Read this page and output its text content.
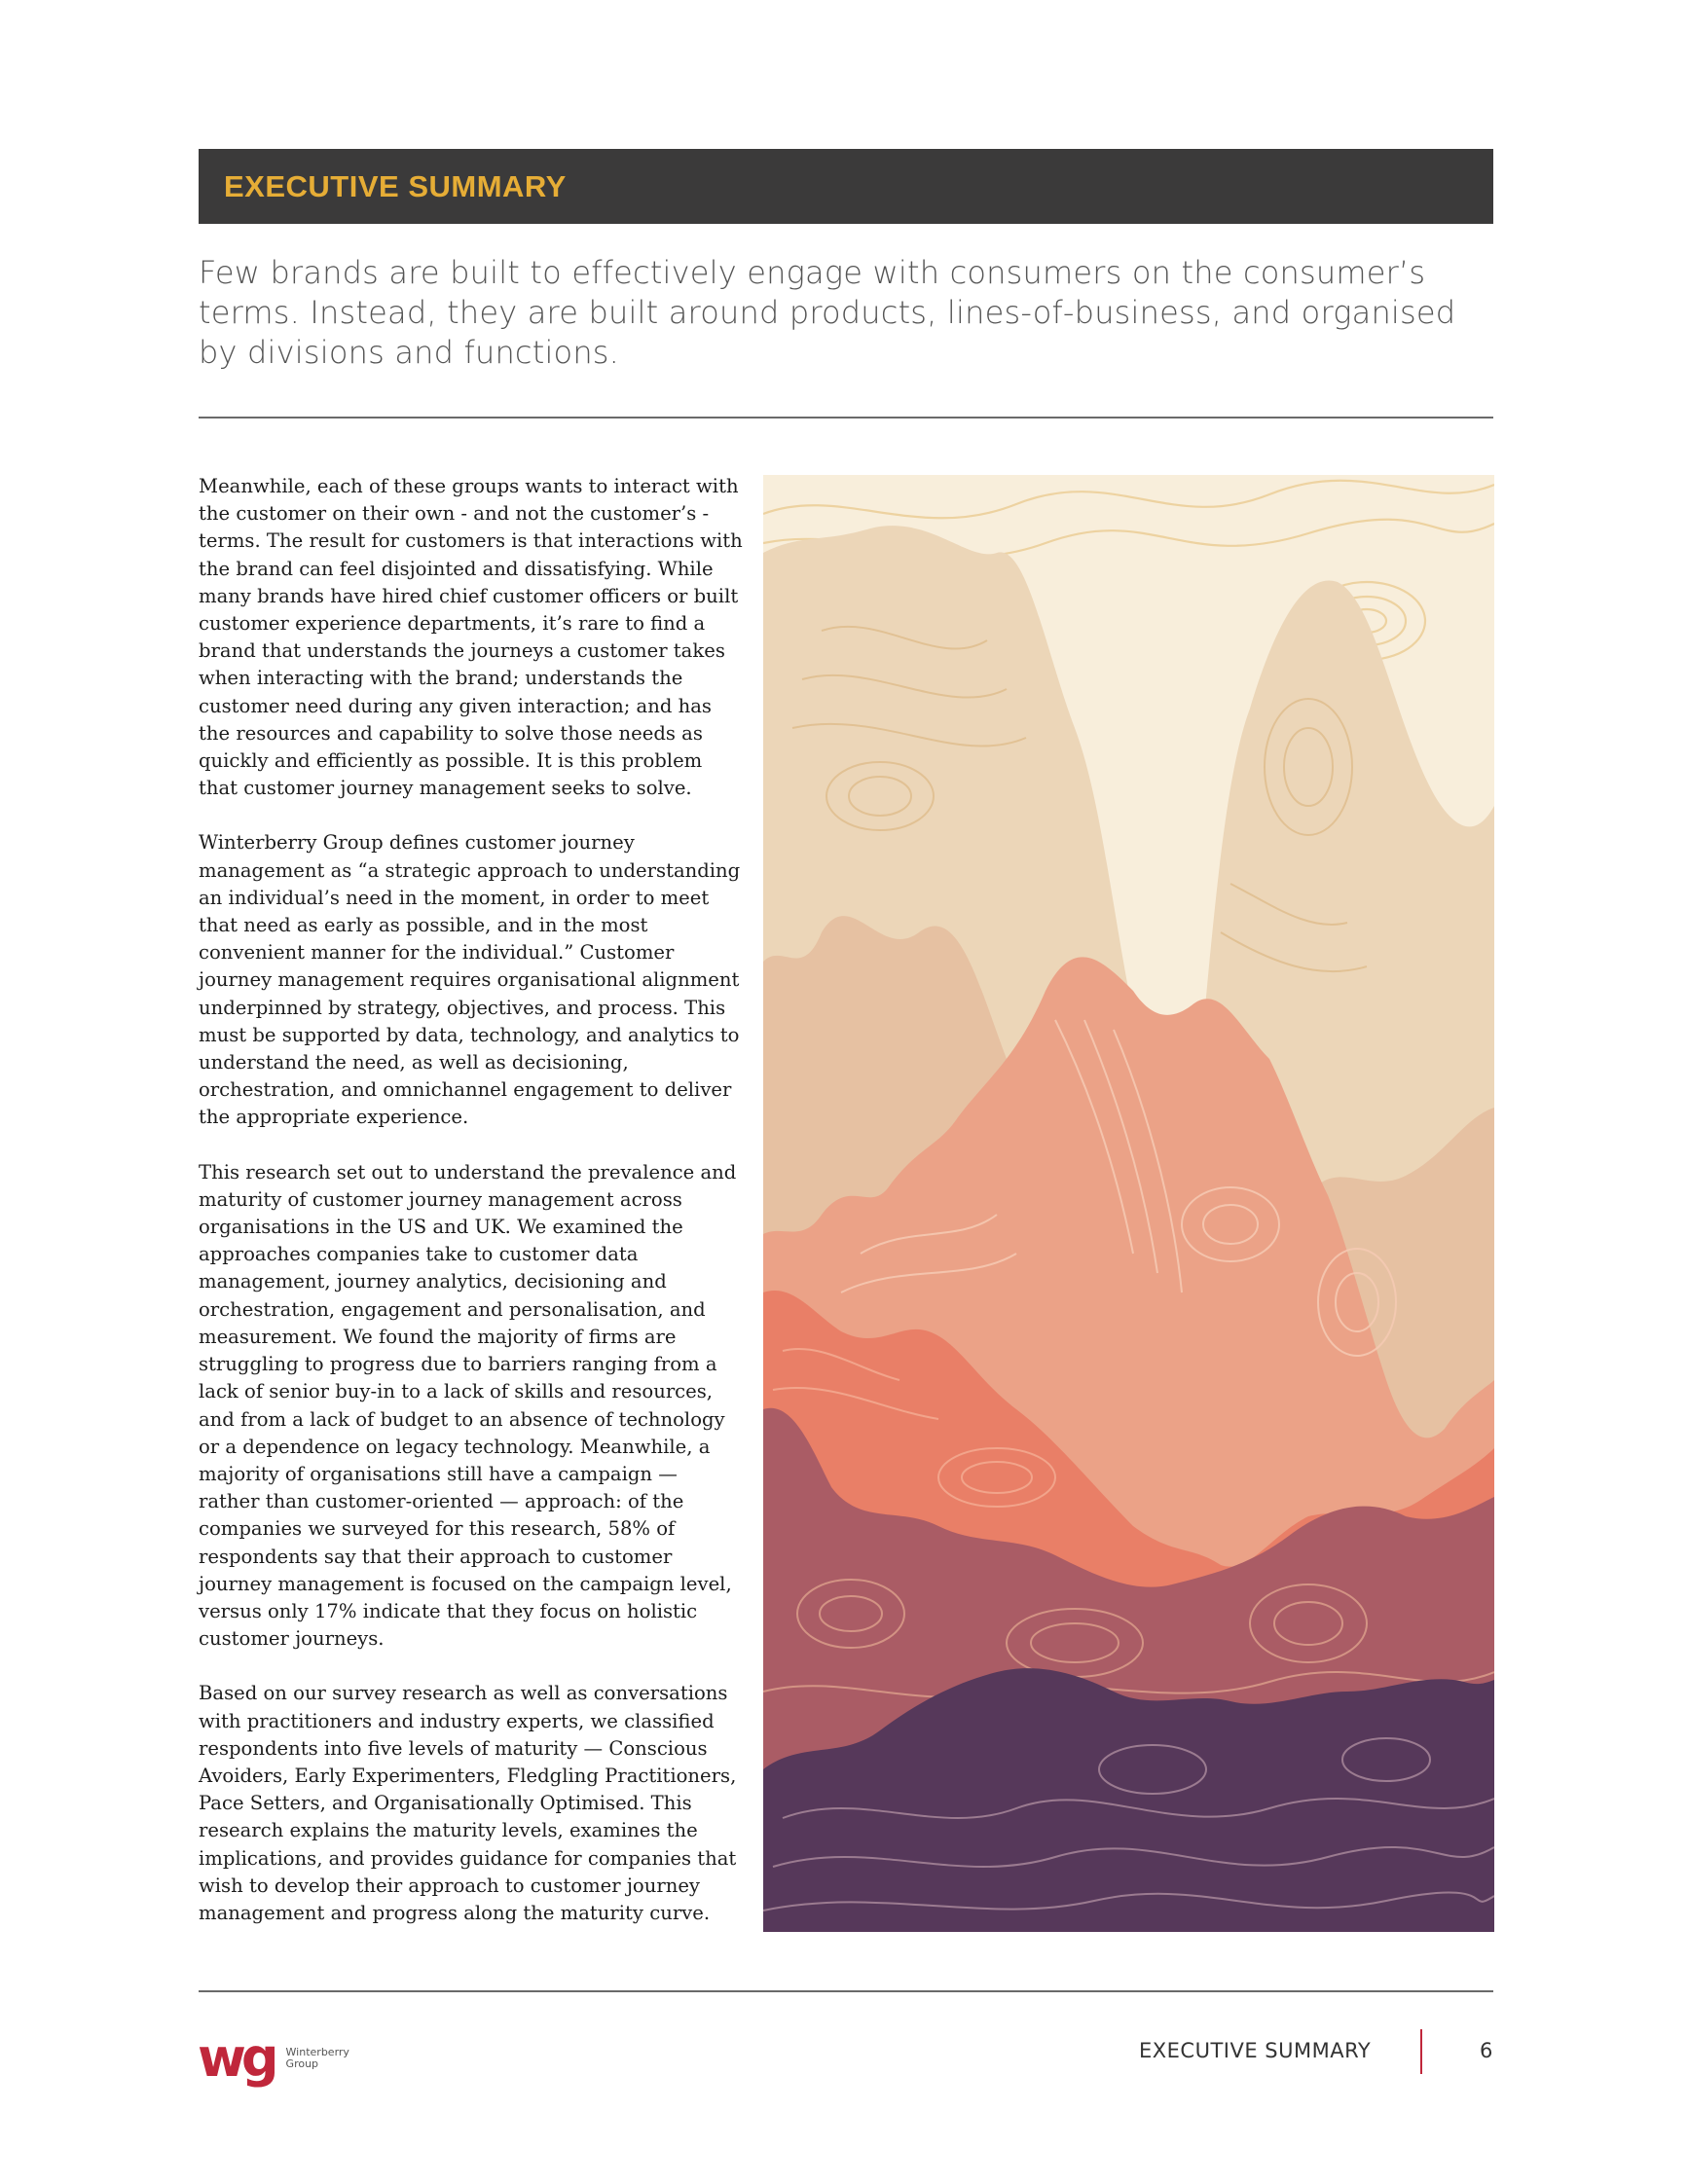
EXECUTIVE SUMMARY

Few brands are built to effectively engage with consumers on the consumer’s terms. Instead, they are built around products, lines-of-business, and organised by divisions and functions.

Meanwhile, each of these groups wants to interact with the customer on their own - and not the customer’s - terms. The result for customers is that interactions with the brand can feel disjointed and dissatisfying. While many brands have hired chief customer officers or built customer experience departments, it’s rare to find a brand that understands the journeys a customer takes when interacting with the brand; understands the customer need during any given interaction; and has the resources and capability to solve those needs as quickly and efficiently as possible. It is this problem that customer journey management seeks to solve.

Winterberry Group defines customer journey management as “a strategic approach to understanding an individual’s need in the moment, in order to meet that need as early as possible, and in the most convenient manner for the individual.” Customer journey management requires organisational alignment underpinned by strategy, objectives, and process. This must be supported by data, technology, and analytics to understand the need, as well as decisioning, orchestration, and omnichannel engagement to deliver the appropriate experience.

This research set out to understand the prevalence and maturity of customer journey management across organisations in the US and UK. We examined the approaches companies take to customer data management, journey analytics, decisioning and orchestration, engagement and personalisation, and measurement. We found the majority of firms are struggling to progress due to barriers ranging from a lack of senior buy-in to a lack of skills and resources, and from a lack of budget to an absence of technology or a dependence on legacy technology. Meanwhile, a majority of organisations still have a campaign — rather than customer-oriented — approach: of the companies we surveyed for this research, 58% of respondents say that their approach to customer journey management is focused on the campaign level, versus only 17% indicate that they focus on holistic customer journeys.

Based on our survey research as well as conversations with practitioners and industry experts, we classified respondents into five levels of maturity — Conscious Avoiders, Early Experimenters, Fledgling Practitioners, Pace Setters, and Organisationally Optimised. This research explains the maturity levels, examines the implications, and provides guidance for companies that wish to develop their approach to customer journey management and progress along the maturity curve.

wg Winterberry
Group
EXECUTIVE SUMMARY	6
